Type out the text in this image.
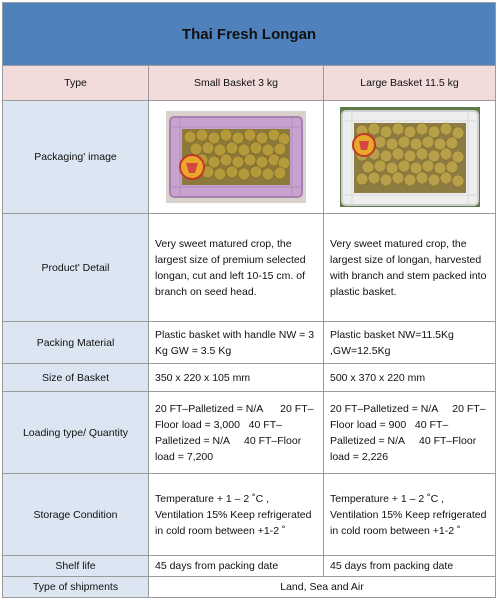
Thai Fresh Longan		
Type	Small Basket 3 kg	Large Basket 11.5 kg
Packaging' image	

Product' Detail	Very sweet matured crop, the largest size of premium selected longan, cut and left 10-15 cm. of branch on seed head.	Very sweet matured crop, the largest size of longan, harvested with branch and stem packed into plastic basket.
Packing Material	Plastic basket with handle NW = 3 Kg GW = 3.5 Kg	Plastic basket NW=11.5Kg ,GW=12.5Kg
Size of Basket	350 x 220 x 105 mm	500 x 370 x 220 mm
Loading type/ Quantity	20 FT–Palletized = N/A      20 FT–Floor load = 3,000   40 FT–Palletized = N/A     40 FT–Floor load = 7,200	20 FT–Palletized = N/A     20 FT–Floor load = 900   40 FT–Palletized = N/A     40 FT–Floor load = 2,226
Storage Condition	Temperature + 1 – 2 ˚C , Ventilation 15% Keep refrigerated in cold room between +1-2 ˚	Temperature + 1 – 2 ˚C , Ventilation 15% Keep refrigerated in cold room between +1-2 ˚
Shelf life	45 days from packing date	45 days from packing date
Type of shipments	Land, Sea and Air	
